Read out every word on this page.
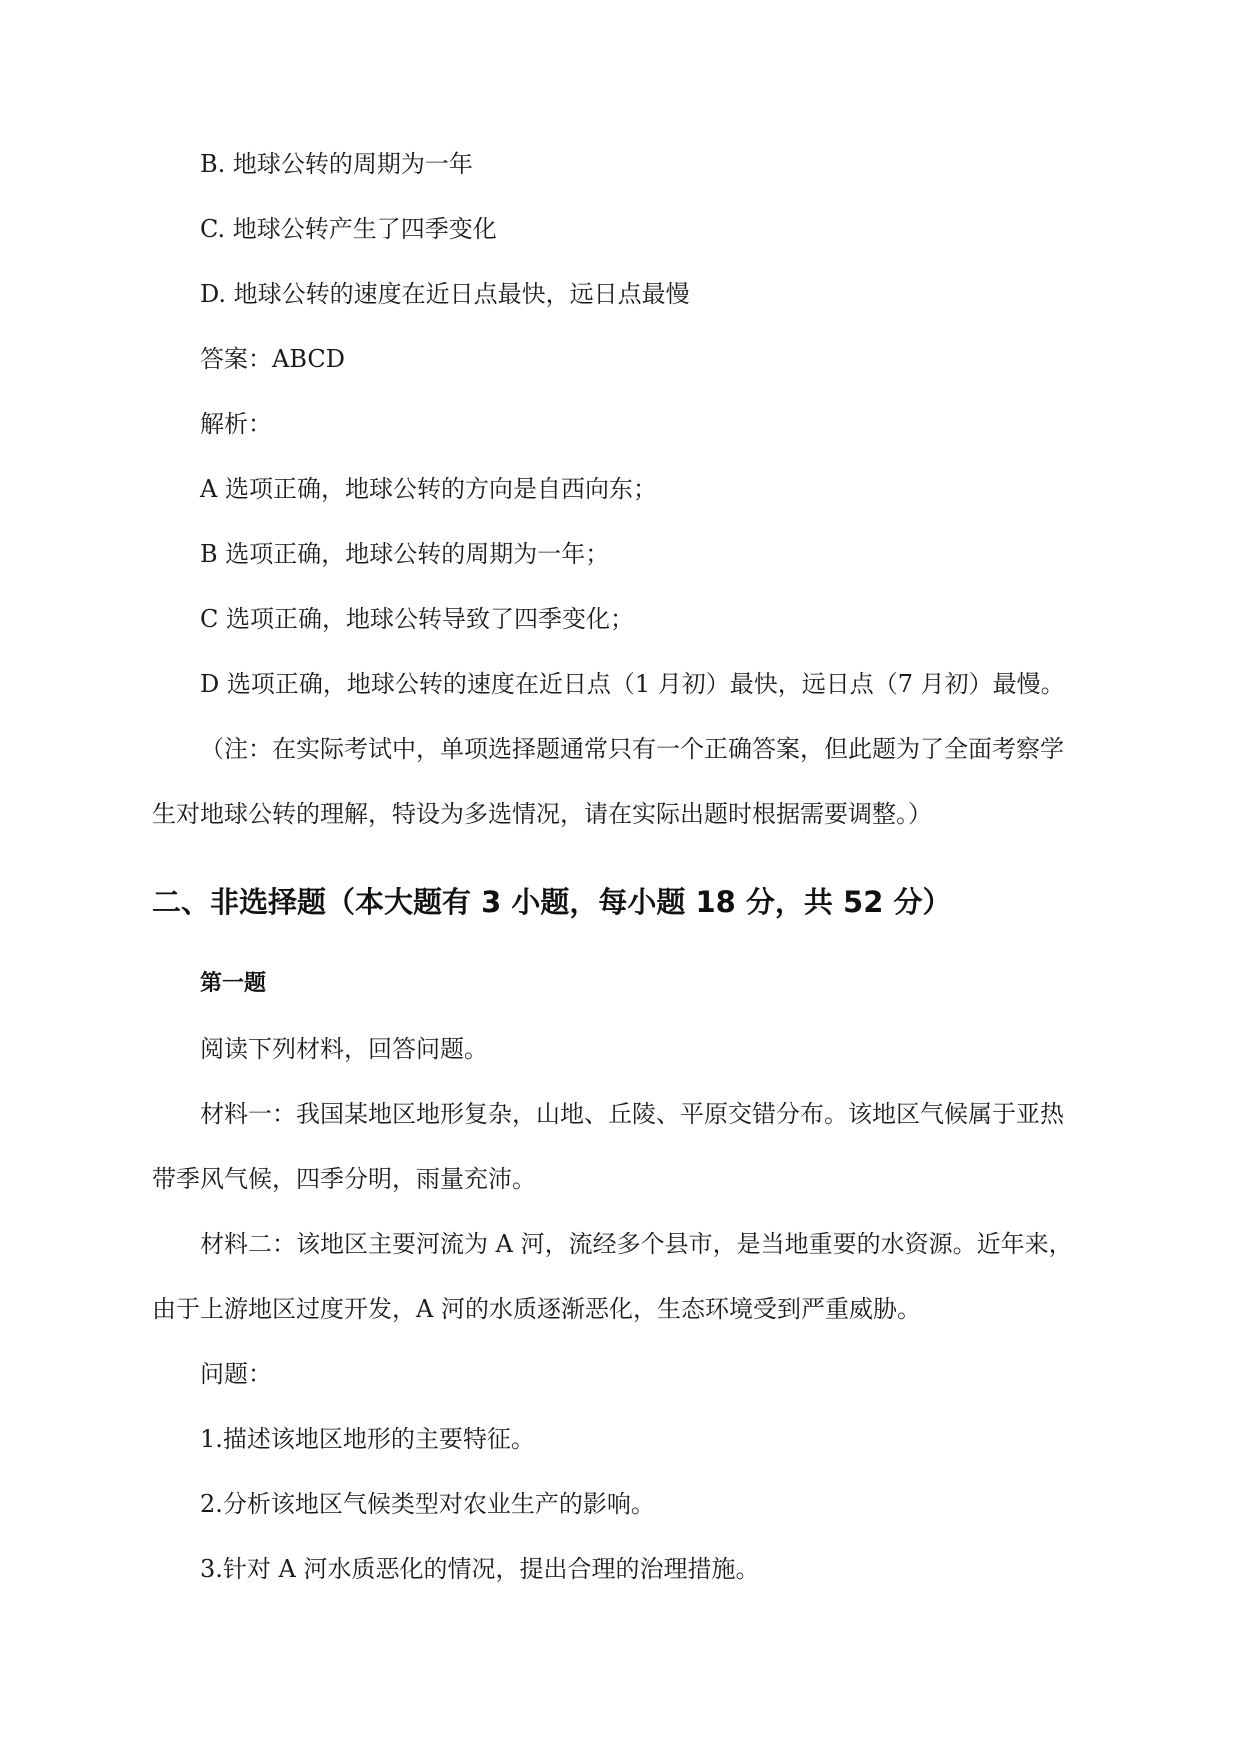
B. 地球公转的周期为一年
C. 地球公转产生了四季变化
D. 地球公转的速度在近日点最快，远日点最慢
答案：ABCD
解析：
A 选项正确，地球公转的方向是自西向东；
B 选项正确，地球公转的周期为一年；
C 选项正确，地球公转导致了四季变化；
D 选项正确，地球公转的速度在近日点（1 月初）最快，远日点（7 月初）最慢。
（注：在实际考试中，单项选择题通常只有一个正确答案，但此题为了全面考察学
生对地球公转的理解，特设为多选情况，请在实际出题时根据需要调整。）
二、非选择题（本大题有 3 小题，每小题 18 分，共 52 分）
第一题
阅读下列材料，回答问题。
材料一：我国某地区地形复杂，山地、丘陵、平原交错分布。该地区气候属于亚热
带季风气候，四季分明，雨量充沛。
材料二：该地区主要河流为 A 河，流经多个县市，是当地重要的水资源。近年来，
由于上游地区过度开发，A 河的水质逐渐恶化，生态环境受到严重威胁。
问题：
1.描述该地区地形的主要特征。
2.分析该地区气候类型对农业生产的影响。
3.针对 A 河水质恶化的情况，提出合理的治理措施。
